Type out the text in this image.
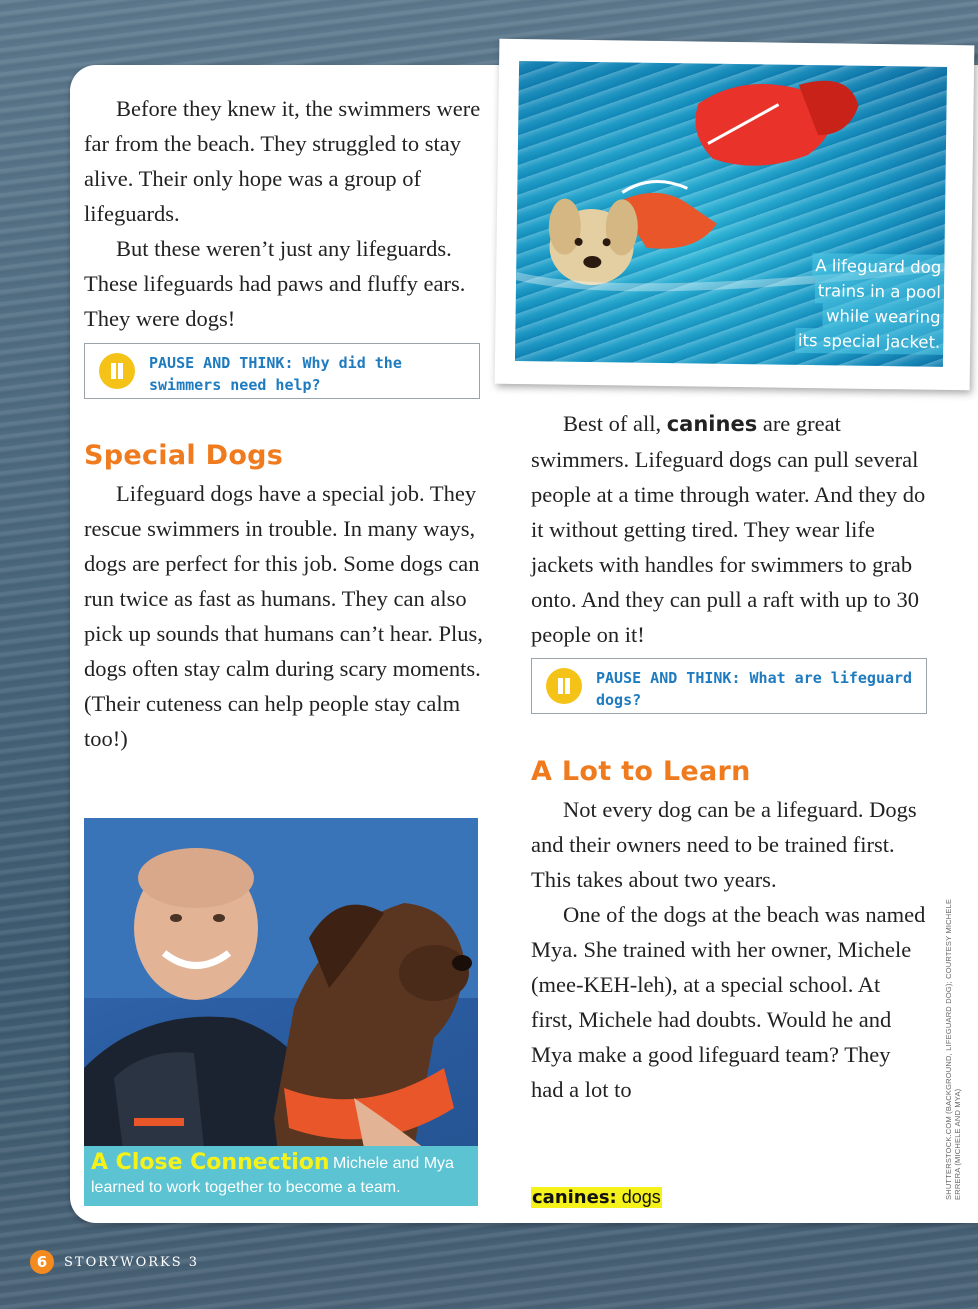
Before they knew it, the swimmers were far from the beach. They struggled to stay alive. Their only hope was a group of lifeguards.

But these weren’t just any lifeguards. These lifeguards had paws and fluffy ears. They were dogs!

PAUSE AND THINK: Why did the swimmers need help?
Special Dogs

Lifeguard dogs have a special job. They rescue swimmers in trouble. In many ways, dogs are perfect for this job. Some dogs can run twice as fast as humans. They can also pick up sounds that humans can’t hear. Plus, dogs often stay calm during scary moments. (Their cuteness can help people stay calm too!)

A Close Connection Michele and Mya
learned to work together to become a team.
A lifeguard dog
trains in a pool
while wearing
its special jacket.

Best of all, canines are great swimmers. Lifeguard dogs can pull several people at a time through water. And they do it without getting tired. They wear life jackets with handles for swimmers to grab onto. And they can pull a raft with up to 30 people on it!

PAUSE AND THINK: What are lifeguard dogs?
A Lot to Learn

Not every dog can be a lifeguard. Dogs and their owners need to be trained first. This takes about two years.

One of the dogs at the beach was named Mya. She trained with her owner, Michele (mee-KEH-leh), at a special school. At first, Michele had doubts. Would he and Mya make a good lifeguard team? They had a lot to

canines: dogs	SHUTTERSTOCK.COM (BACKGROUND, LIFEGUARD DOG); COURTESY MICHELE ERRERA (MICHELE AND MYA)
6	STORYWORKS 3
